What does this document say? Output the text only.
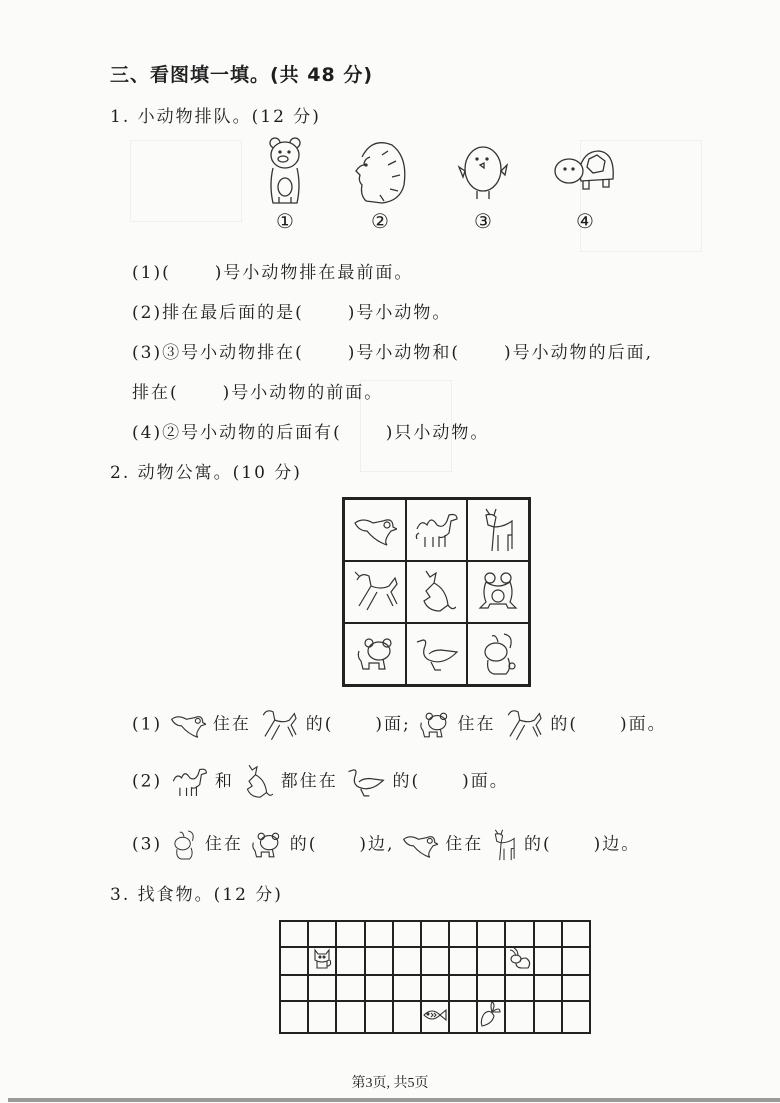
三、看图填一填。(共 48 分)
1. 小动物排队。(12 分)
①	②	③	④
(1)(	)号小动物排在最前面。
(2)排在最后面的是(	)号小动物。
(3)③号小动物排在(	)号小动物和(	)号小动物的后面,
排在(	)号小动物的前面。
(4)②号小动物的后面有(	)只小动物。
2. 动物公寓。(10 分)
(1)	住在	的( )面;	住在	的( )面。
(2)	和	都住在	的( )面。
(3)	住在	的( )边,	住在 的( )边。
3. 找食物。(12 分)
第3页, 共5页
